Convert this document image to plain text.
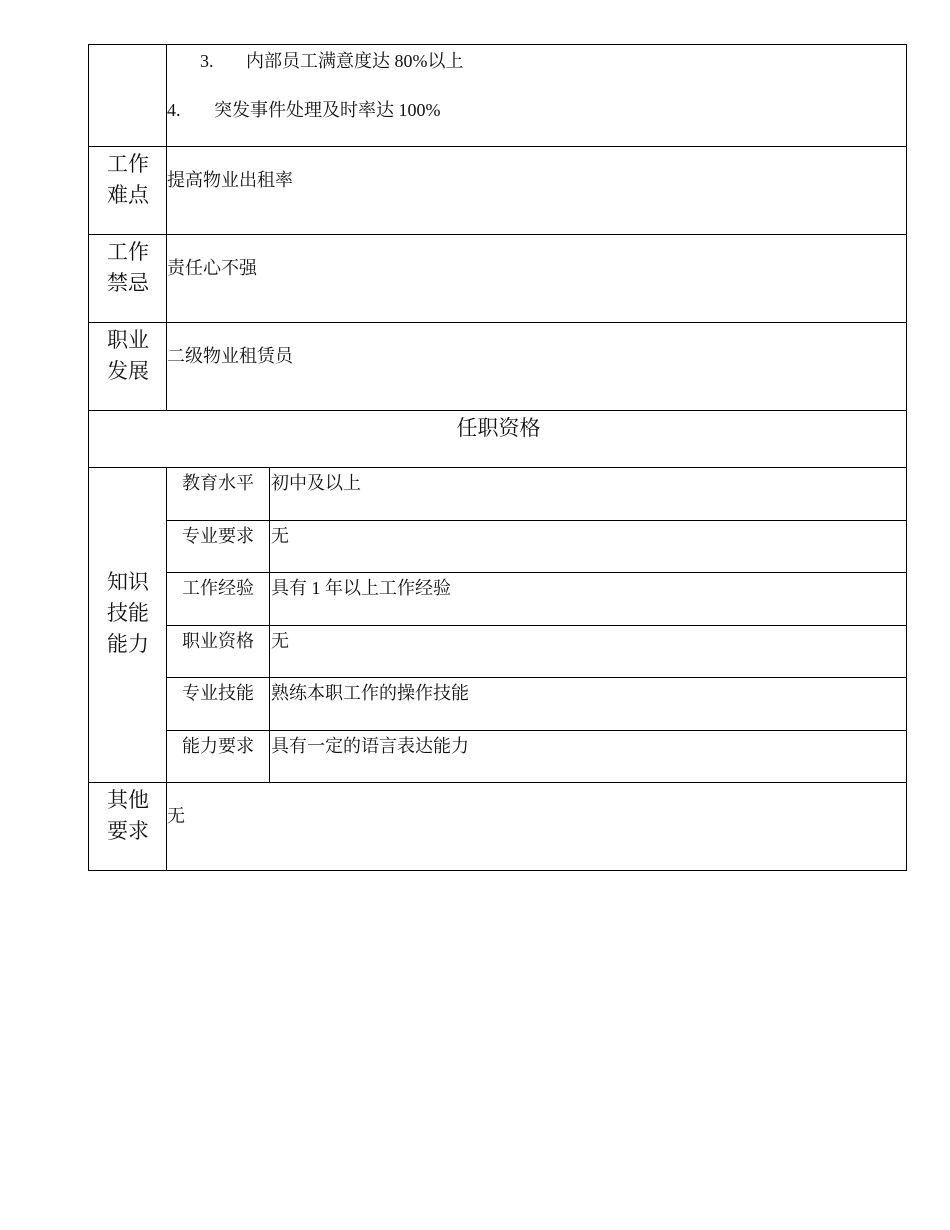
3. 内部员工满意度达 80%以上
4. 突发事件处理及时率达 100%
工作
难点
提高物业出租率
工作
禁忌
责任心不强
职业
发展
二级物业租赁员
任职资格
知识
技能
能力
教育水平 初中及以上
专业要求 无
工作经验 具有 1 年以上工作经验
职业资格 无
专业技能 熟练本职工作的操作技能
能力要求 具有一定的语言表达能力
其他
要求
无
